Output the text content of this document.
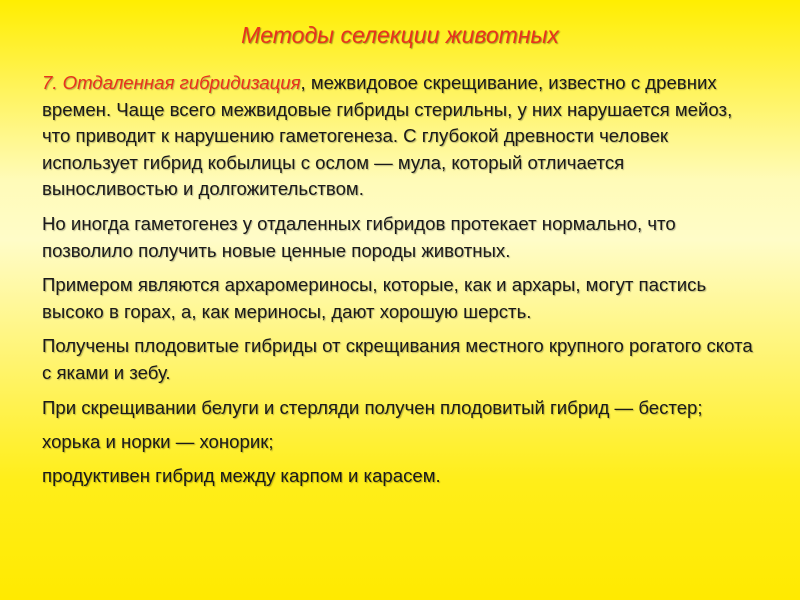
Методы селекции животных

7. Отдаленная гибридизация, межвидовое скрещивание, известно с древних времен. Чаще всего межвидовые гибриды стерильны, у них нарушается мейоз, что приводит к нарушению гаметогенеза. С глубокой древности человек использует гибрид кобылицы с ослом — мула, который отличается выносливостью и долгожительством.

Но иногда гаметогенез у отдаленных гибридов протекает нормально, что позволило получить новые ценные породы животных.

Примером являются архаромериносы, которые, как и архары, могут пастись высоко в горах, а, как мериносы, дают хорошую шерсть.

Получены плодовитые гибриды от скрещивания местного крупного рогатого скота с яками и зебу.

При скрещивании белуги и стерляди получен плодовитый гибрид — бестер;

хорька и норки — хонорик;

продуктивен гибрид между карпом и карасем.
